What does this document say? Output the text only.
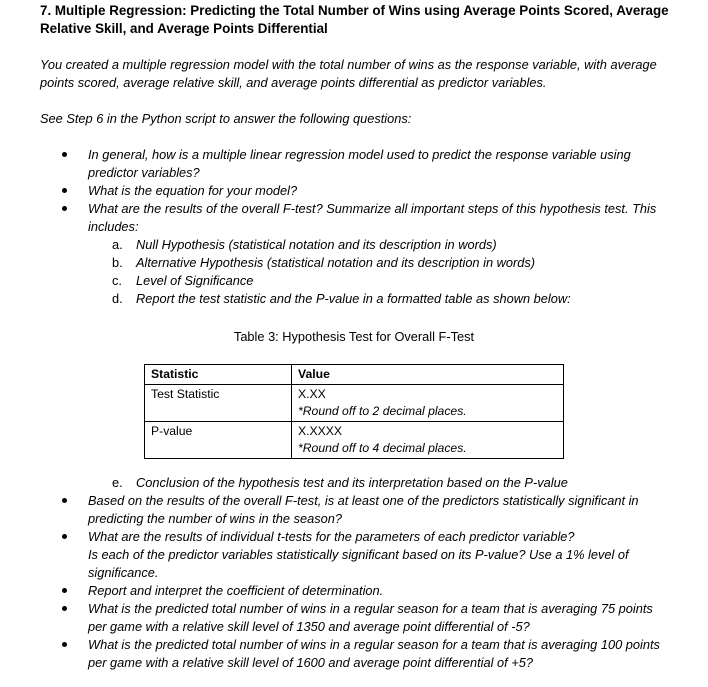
7. Multiple Regression: Predicting the Total Number of Wins using Average Points Scored, Average Relative Skill, and Average Points Differential
You created a multiple regression model with the total number of wins as the response variable, with average points scored, average relative skill, and average points differential as predictor variables.
See Step 6 in the Python script to answer the following questions:
In general, how is a multiple linear regression model used to predict the response variable using predictor variables?
What is the equation for your model?
What are the results of the overall F-test? Summarize all important steps of this hypothesis test. This includes:
a. Null Hypothesis (statistical notation and its description in words)
b. Alternative Hypothesis (statistical notation and its description in words)
c. Level of Significance
d. Report the test statistic and the P-value in a formatted table as shown below:
Table 3: Hypothesis Test for Overall F-Test
Statistic	Value
Test Statistic	X.XX
*Round off to 2 decimal places.

P-value	X.XXXX
*Round off to 4 decimal places.
e. Conclusion of the hypothesis test and its interpretation based on the P-value
Based on the results of the overall F-test, is at least one of the predictors statistically significant in predicting the number of wins in the season?
What are the results of individual t-tests for the parameters of each predictor variable?
Is each of the predictor variables statistically significant based on its P-value? Use a 1% level of significance.
Report and interpret the coefficient of determination.
What is the predicted total number of wins in a regular season for a team that is averaging 75 points per game with a relative skill level of 1350 and average point differential of -5?
What is the predicted total number of wins in a regular season for a team that is averaging 100 points per game with a relative skill level of 1600 and average point differential of +5?
